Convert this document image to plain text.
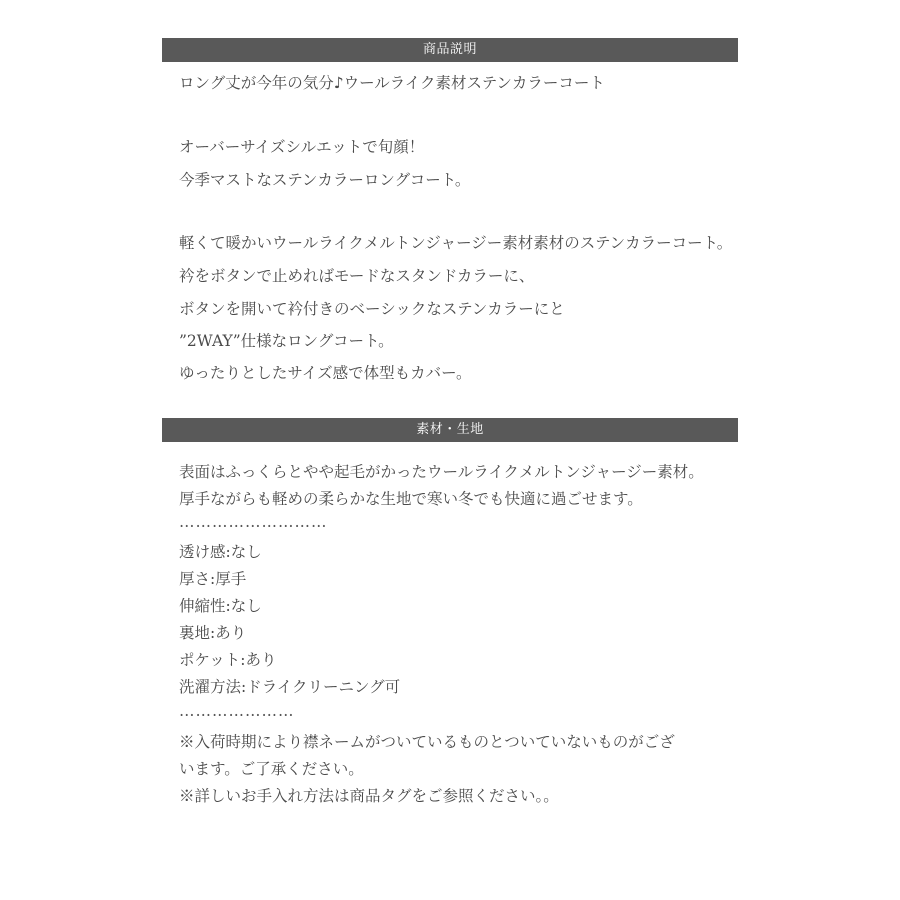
商品説明
ロング丈が今年の気分♪ウールライク素材ステンカラーコート
オーバーサイズシルエットで旬顔！
今季マストなステンカラーロングコート。
軽くて暖かいウールライクメルトンジャージー素材素材のステンカラーコート。
衿をボタンで止めればモードなスタンドカラーに、
ボタンを開いて衿付きのベーシックなステンカラーにと
”2WAY”仕様なロングコート。
ゆったりとしたサイズ感で体型もカバー。
素材・生地
表面はふっくらとやや起毛がかったウールライクメルトンジャージー素材。
厚手ながらも軽めの柔らかな生地で寒い冬でも快適に過ごせます。
………………………
透け感:なし
厚さ:厚手
伸縮性:なし
裏地:あり
ポケット:あり
洗濯方法:ドライクリーニング可
…………………
※入荷時期により襟ネームがついているものとついていないものがござ
います。ご了承ください。
※詳しいお手入れ方法は商品タグをご参照ください。。
